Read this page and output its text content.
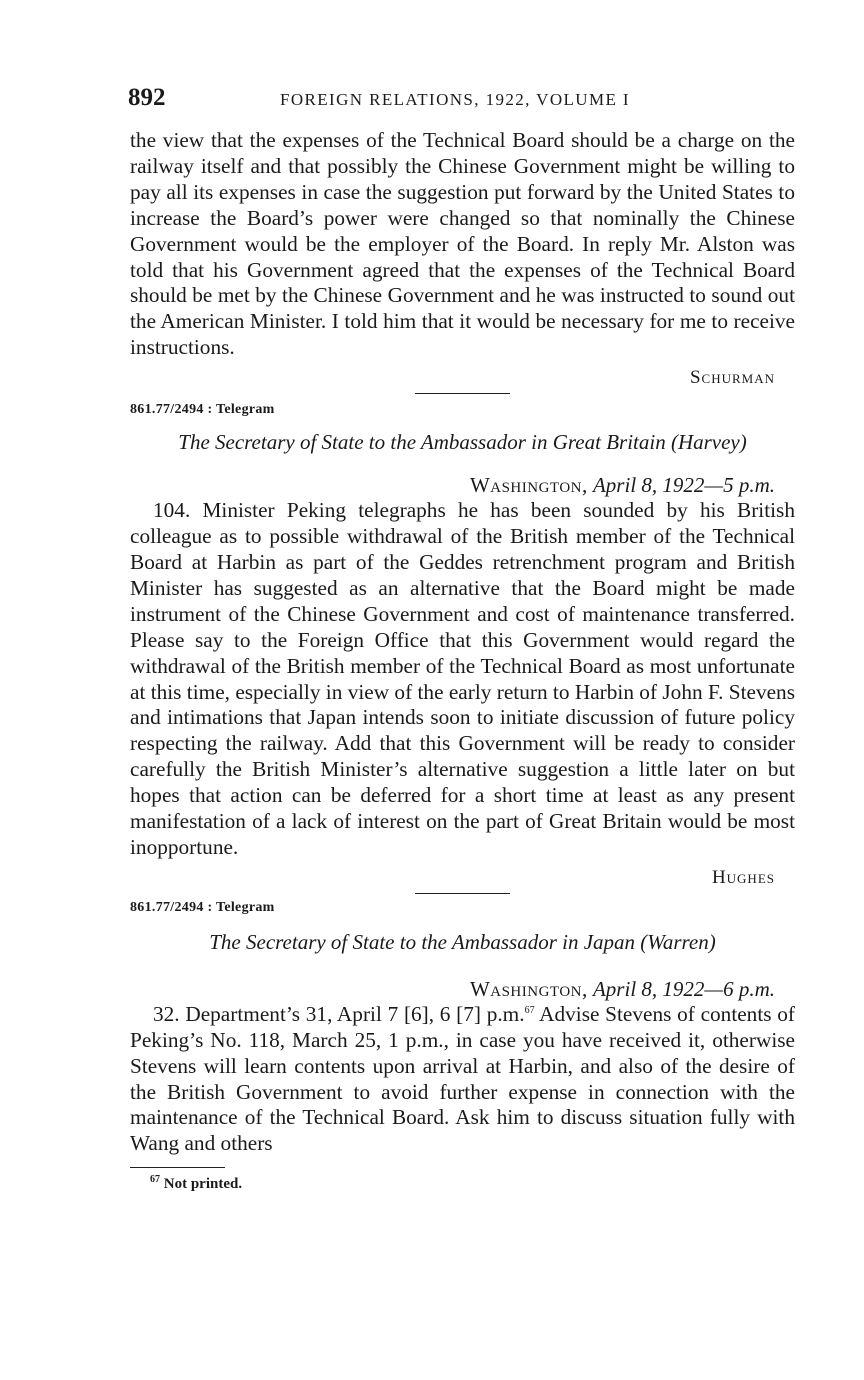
892	FOREIGN RELATIONS, 1922, VOLUME I

the view that the expenses of the Technical Board should be a charge on the railway itself and that possibly the Chinese Government might be willing to pay all its expenses in case the suggestion put forward by the United States to increase the Board’s power were changed so that nominally the Chinese Government would be the employer of the Board. In reply Mr. Alston was told that his Government agreed that the expenses of the Technical Board should be met by the Chinese Government and he was instructed to sound out the American Minister. I told him that it would be necessary for me to receive instructions.

Schurman

861.77/2494 : Telegram

The Secretary of State to the Ambassador in Great Britain (Harvey)

Washington, April 8, 1922—5 p.m.

104. Minister Peking telegraphs he has been sounded by his British colleague as to possible withdrawal of the British member of the Technical Board at Harbin as part of the Geddes retrenchment program and British Minister has suggested as an alternative that the Board might be made instrument of the Chinese Government and cost of maintenance transferred. Please say to the Foreign Office that this Government would regard the withdrawal of the British member of the Technical Board as most unfortunate at this time, especially in view of the early return to Harbin of John F. Stevens and intimations that Japan intends soon to initiate discussion of future policy respecting the railway. Add that this Government will be ready to consider carefully the British Minister’s alternative suggestion a little later on but hopes that action can be deferred for a short time at least as any present manifestation of a lack of interest on the part of Great Britain would be most inopportune.

Hughes

861.77/2494 : Telegram

The Secretary of State to the Ambassador in Japan (Warren)

Washington, April 8, 1922—6 p.m.

32. Department’s 31, April 7 [6], 6 [7] p.m.$^{67}$ Advise Stevens of contents of Peking’s No. 118, March 25, 1 p.m., in case you have received it, otherwise Stevens will learn contents upon arrival at Harbin, and also of the desire of the British Government to avoid further expense in connection with the maintenance of the Technical Board. Ask him to discuss situation fully with Wang and others

$^{67}$ Not printed.
